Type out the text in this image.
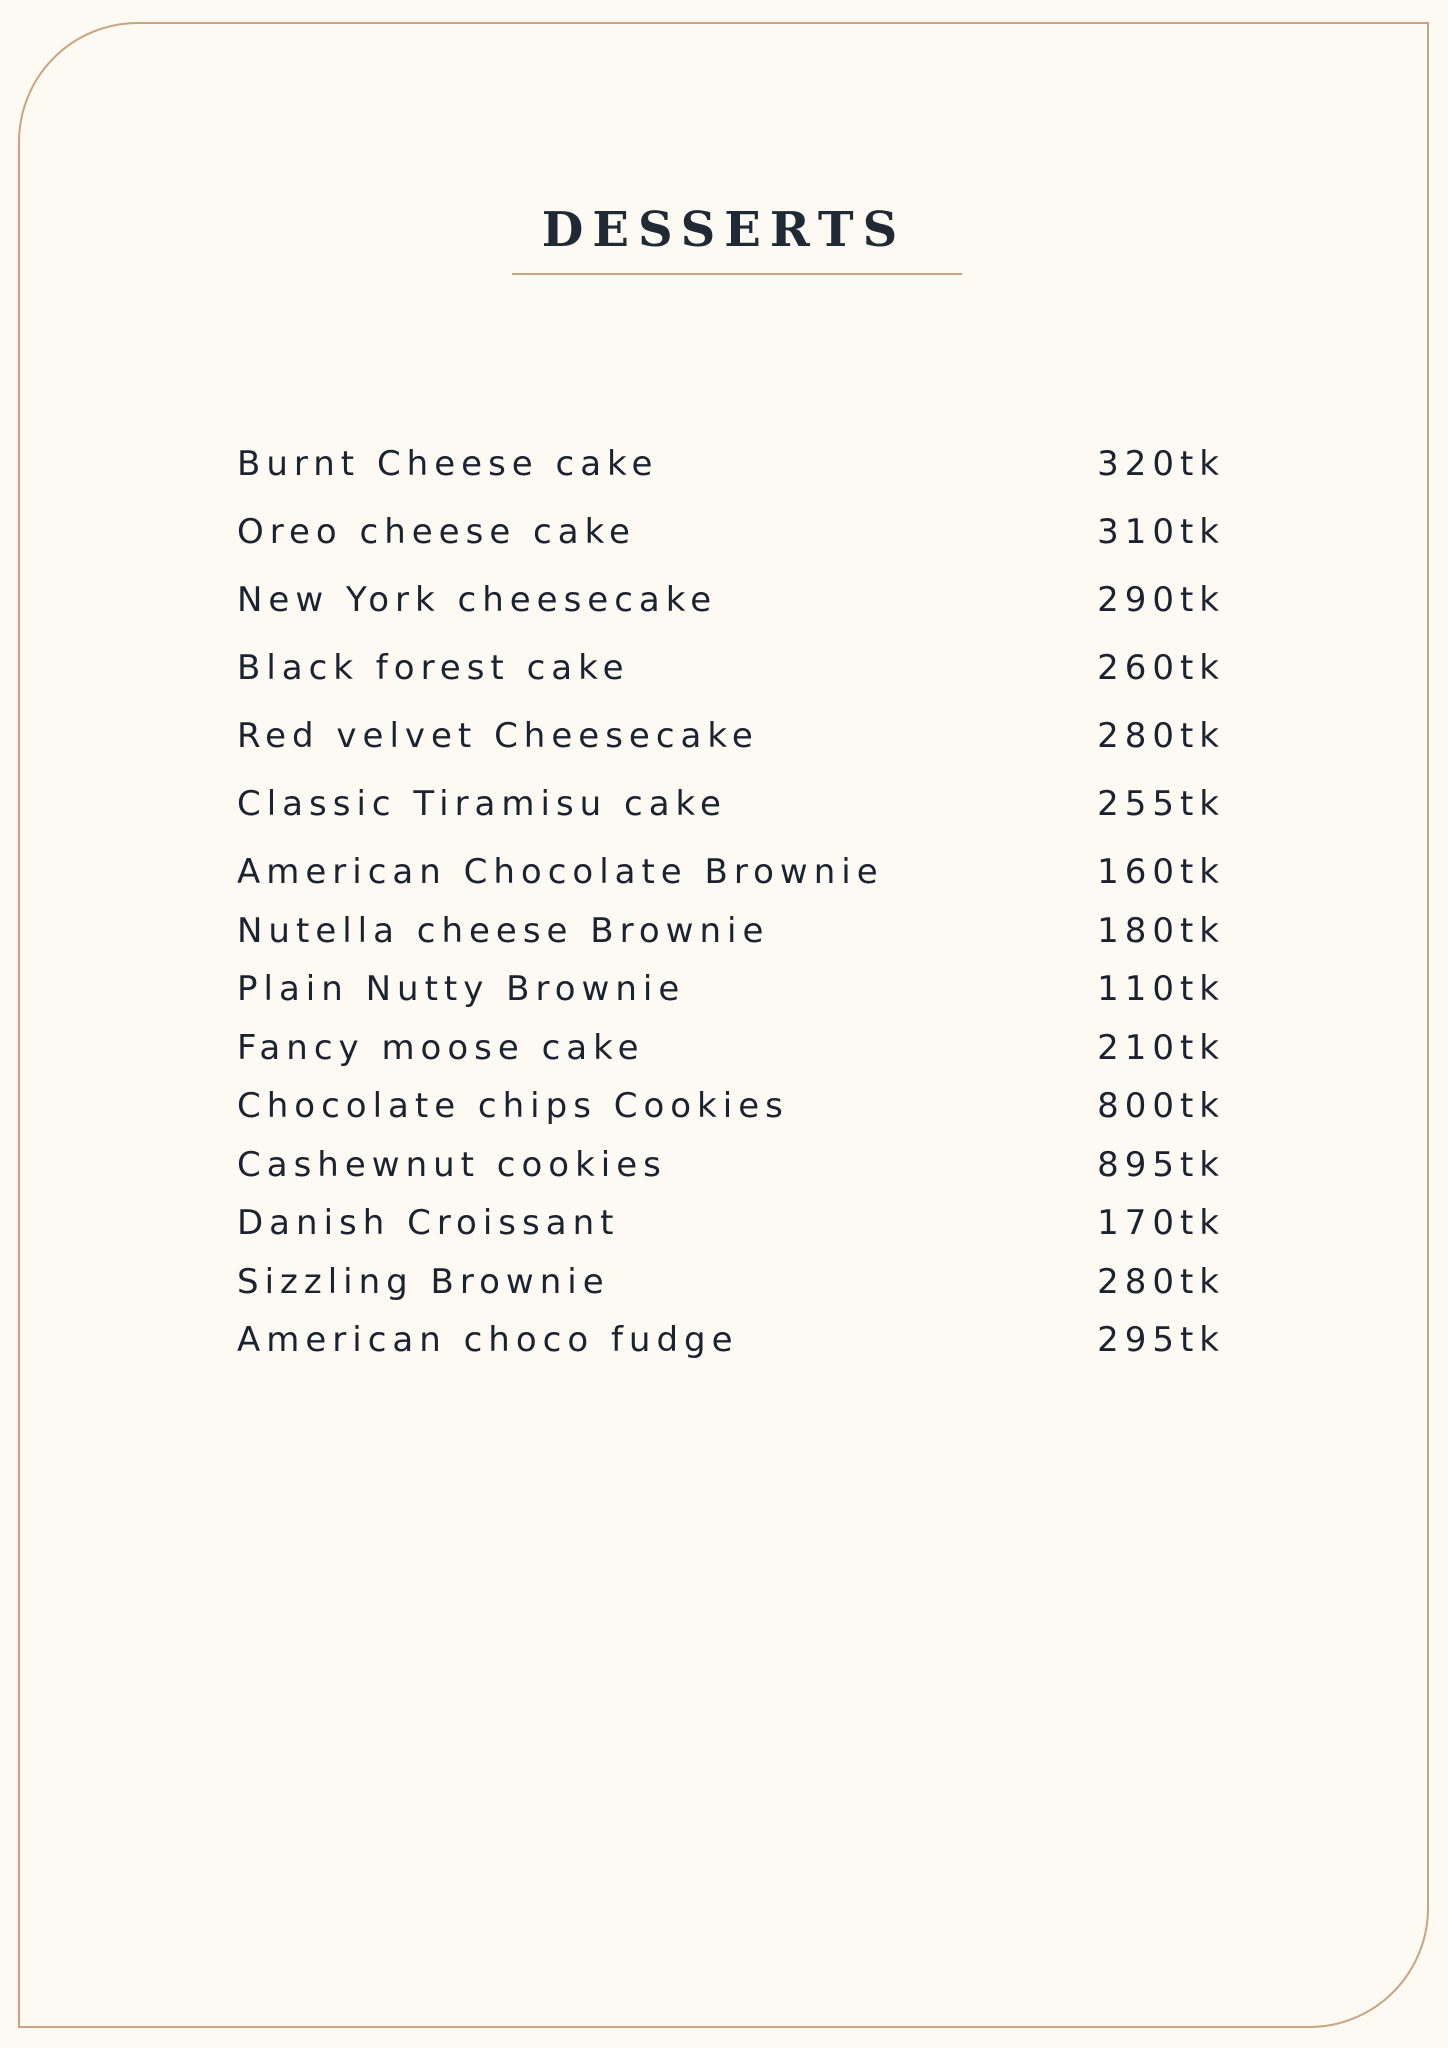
DESSERTS
Burnt Cheese cake	320tk
Oreo cheese cake	310tk
New York cheesecake	290tk
Black forest cake	260tk
Red velvet Cheesecake	280tk
Classic Tiramisu cake	255tk
American Chocolate Brownie	160tk
Nutella cheese Brownie	180tk
Plain Nutty Brownie	110tk
Fancy moose cake	210tk
Chocolate chips Cookies	800tk
Cashewnut cookies	895tk
Danish Croissant	170tk
Sizzling Brownie	280tk
American choco fudge	295tk
